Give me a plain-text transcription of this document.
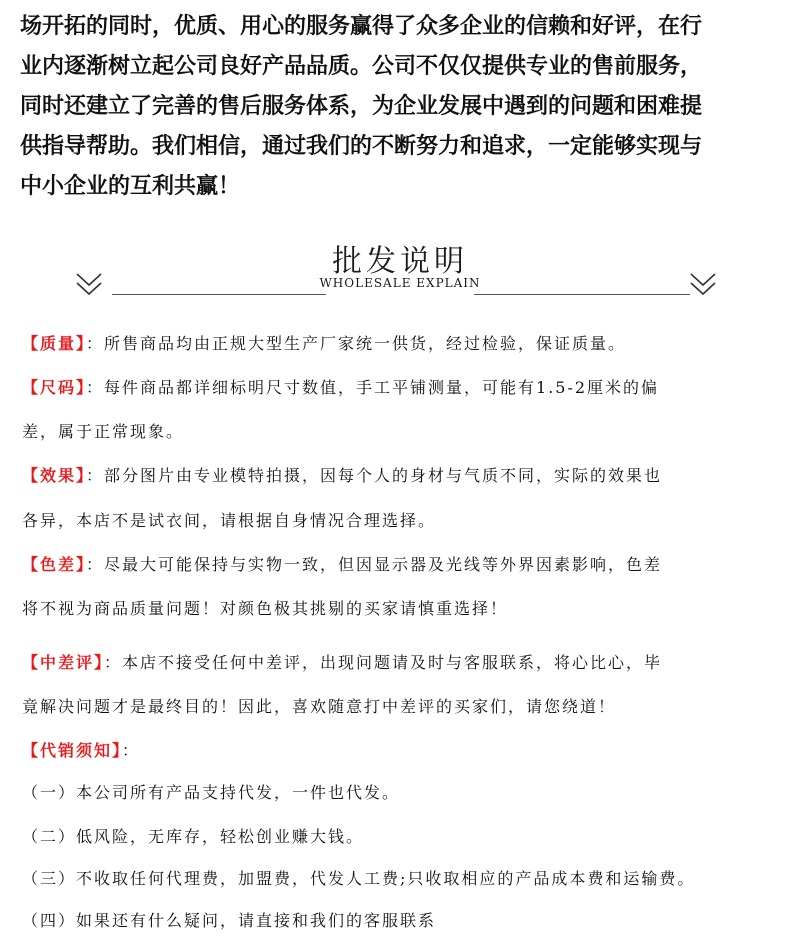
场开拓的同时，优质、用心的服务赢得了众多企业的信赖和好评，在行
业内逐渐树立起公司良好产品品质。公司不仅仅提供专业的售前服务，
同时还建立了完善的售后服务体系，为企业发展中遇到的问题和困难提
供指导帮助。我们相信，通过我们的不断努力和追求，一定能够实现与
中小企业的互利共赢！
批发说明
WHOLESALE EXPLAIN
【质量】：所售商品均由正规大型生产厂家统一供货，经过检验，保证质量。
【尺码】：每件商品都详细标明尺寸数值，手工平铺测量，可能有1.5-2厘米的偏
差，属于正常现象。
【效果】：部分图片由专业模特拍摄，因每个人的身材与气质不同，实际的效果也
各异，本店不是试衣间，请根据自身情况合理选择。
【色差】：尽最大可能保持与实物一致，但因显示器及光线等外界因素影响，色差
将不视为商品质量问题！对颜色极其挑剔的买家请慎重选择！
【中差评】：本店不接受任何中差评，出现问题请及时与客服联系，将心比心，毕
竟解决问题才是最终目的！因此，喜欢随意打中差评的买家们，请您绕道！
【代销须知】：
（一）本公司所有产品支持代发，一件也代发。
（二）低风险，无库存，轻松创业赚大钱。
（三）不收取任何代理费，加盟费，代发人工费;只收取相应的产品成本费和运输费。
（四）如果还有什么疑问，请直接和我们的客服联系
